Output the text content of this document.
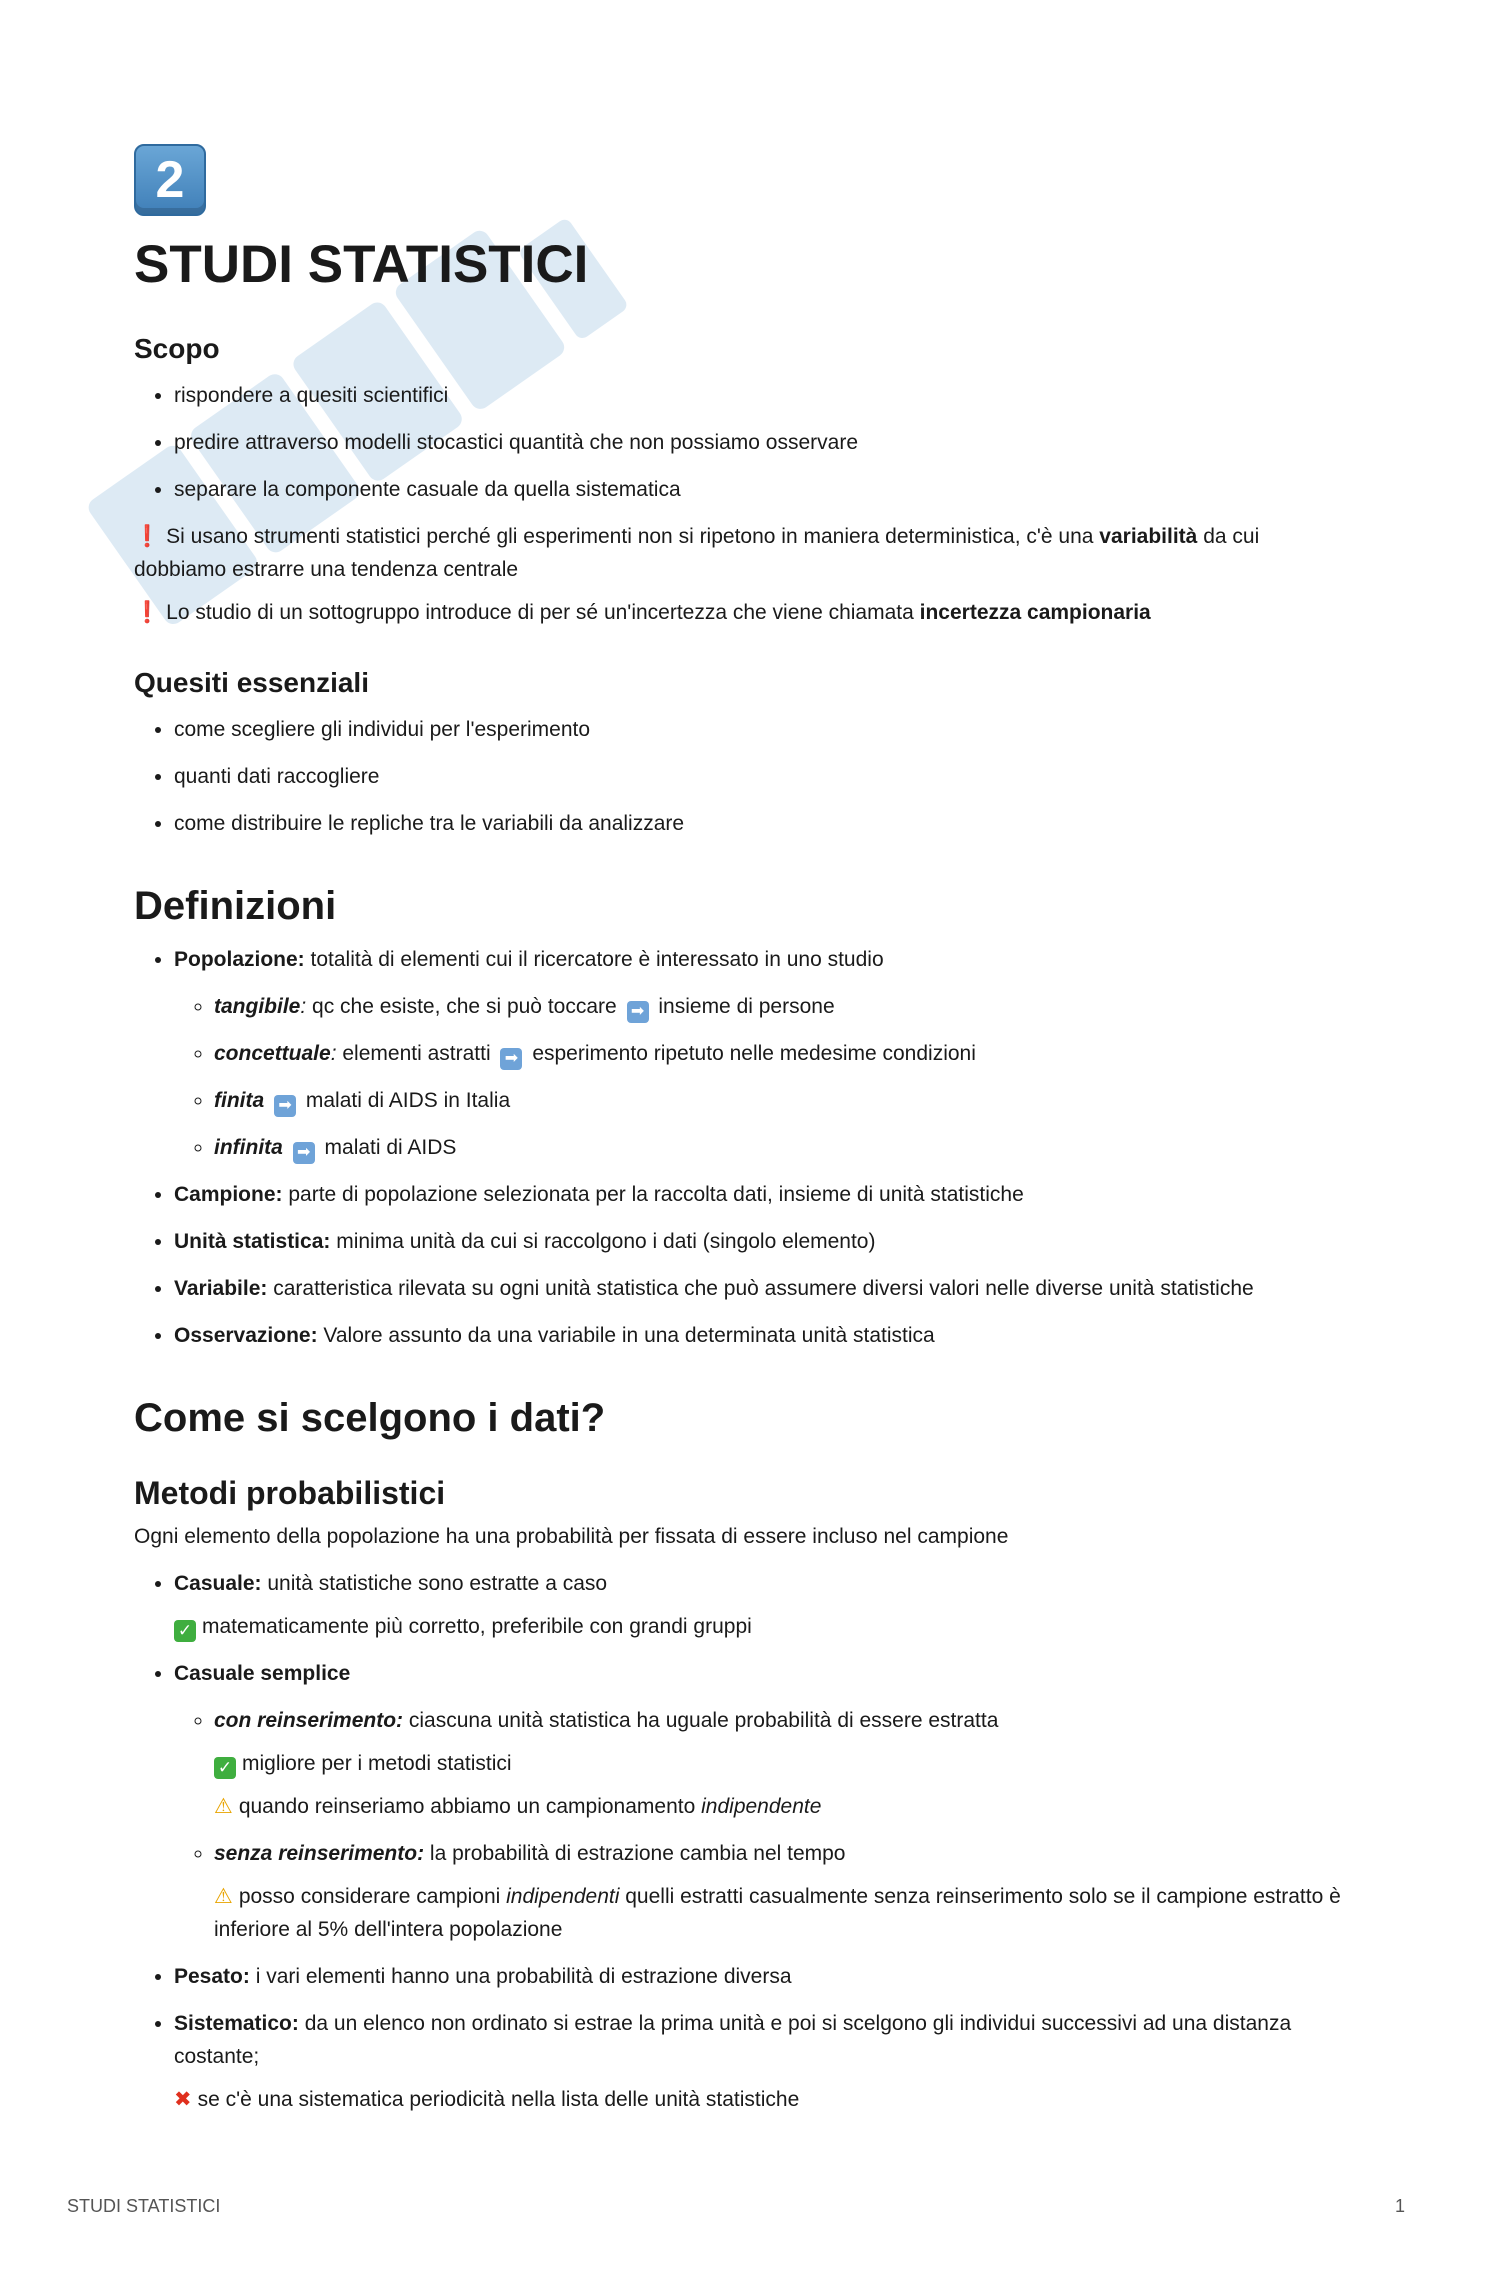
2
STUDI STATISTICI
Scopo
• rispondere a quesiti scientifici
• predire attraverso modelli stocastici quantità che non possiamo osservare
• separare la componente casuale da quella sistematica

❗ Si usano strumenti statistici perché gli esperimenti non si ripetono in maniera deterministica, c'è una variabilità da cui dobbiamo estrarre una tendenza centrale

❗ Lo studio di un sottogruppo introduce di per sé un'incertezza che viene chiamata incertezza campionaria

Quesiti essenziali
• come scegliere gli individui per l'esperimento
• quanti dati raccogliere
• come distribuire le repliche tra le variabili da analizzare
Definizioni
• Popolazione: totalità di elementi cui il ricercatore è interessato in uno studio
◦ tangibile: qc che esiste, che si può toccare ➡ insieme di persone
◦ concettuale: elementi astratti ➡ esperimento ripetuto nelle medesime condizioni
◦ finita ➡ malati di AIDS in Italia
◦ infinita ➡ malati di AIDS
• Campione: parte di popolazione selezionata per la raccolta dati, insieme di unità statistiche
• Unità statistica: minima unità da cui si raccolgono i dati (singolo elemento)
• Variabile: caratteristica rilevata su ogni unità statistica che può assumere diversi valori nelle diverse unità statistiche
• Osservazione: Valore assunto da una variabile in una determinata unità statistica
Come si scelgono i dati?
Metodi probabilistici

Ogni elemento della popolazione ha una probabilità per fissata di essere incluso nel campione

• Casuale: unità statistiche sono estratte a caso
✓ matematicamente più corretto, preferibile con grandi gruppi
• Casuale semplice
◦ con reinserimento: ciascuna unità statistica ha uguale probabilità di essere estratta
✓ migliore per i metodi statistici
⚠ quando reinseriamo abbiamo un campionamento indipendente
◦ senza reinserimento: la probabilità di estrazione cambia nel tempo
⚠ posso considerare campioni indipendenti quelli estratti casualmente senza reinserimento solo se il campione estratto è inferiore al 5% dell'intera popolazione
• Pesato: i vari elementi hanno una probabilità di estrazione diversa
• Sistematico: da un elenco non ordinato si estrae la prima unità e poi si scelgono gli individui successivi ad una distanza costante;
✖ se c'è una sistematica periodicità nella lista delle unità statistiche
STUDI STATISTICI	1
